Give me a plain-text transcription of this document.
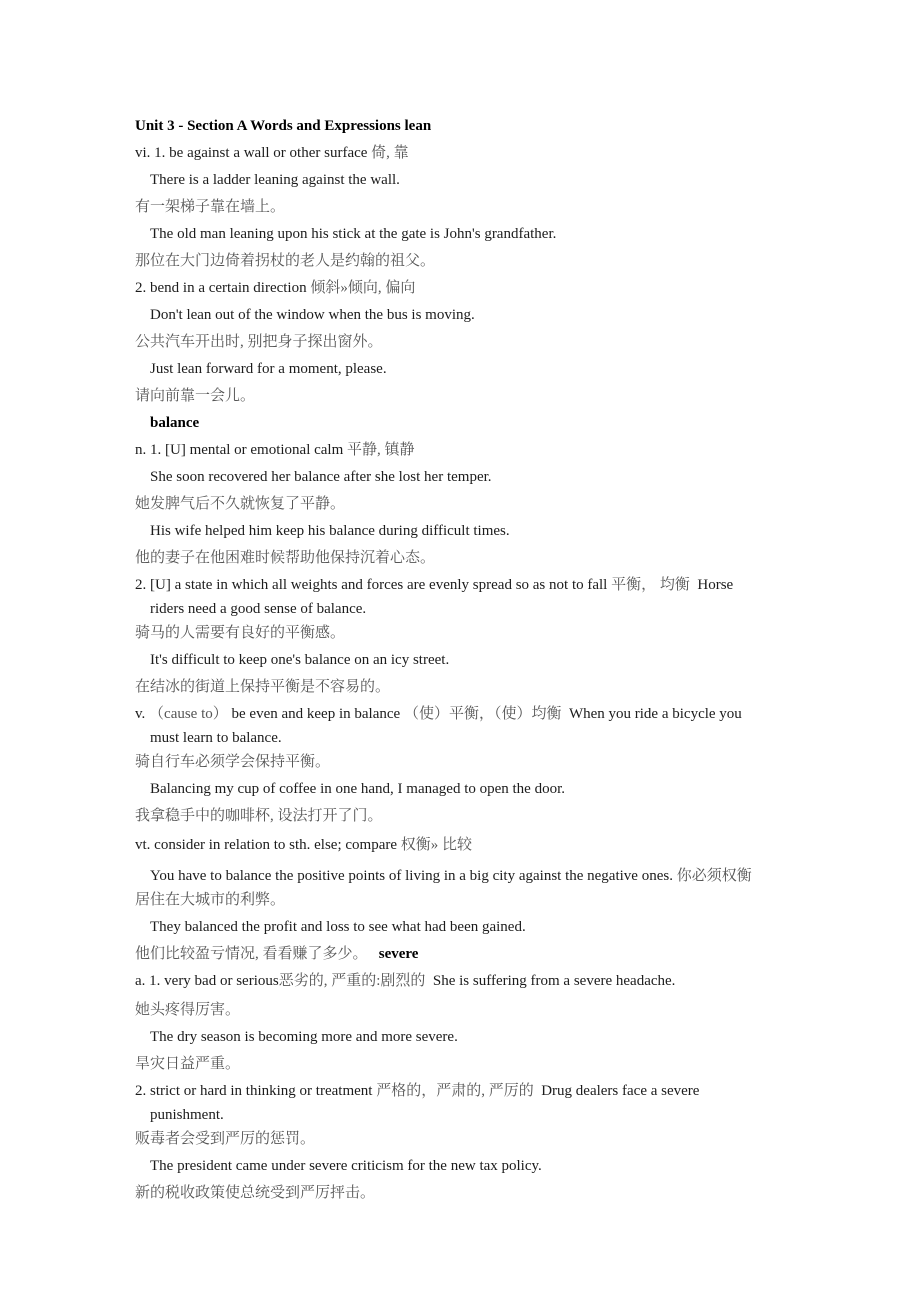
Unit 3 - Section A Words and Expressions lean
vi. 1. be against a wall or other surface 倚, 靠
There is a ladder leaning against the wall.
有一架梯子靠在墙上。
The old man leaning upon his stick at the gate is John's grandfather.
那位在大门边倚着拐杖的老人是约翰的祖父。
2. bend in a certain direction 倾斜»倾向, 偏向
Don't lean out of the window when the bus is moving.
公共汽车开出时, 别把身子探出窗外。
Just lean forward for a moment, please.
请向前靠一会儿。
balance
n. 1. [U] mental or emotional calm 平静, 镇静
She soon recovered her balance after she lost her temper.
她发脾气后不久就恢复了平静。
His wife helped him keep his balance during difficult times.
他的妻子在他困难时候帮助他保持沉着心态。
2. [U] a state in which all weights and forces are evenly spread so as not to fall 平衡， 均衡  Horse
riders need a good sense of balance.
骑马的人需要有良好的平衡感。
It's difficult to keep one's balance on an icy street.
在结冰的街道上保持平衡是不容易的。
v. （cause to） be even and keep in balance （使）平衡，（使）均衡  When you ride a bicycle you
must learn to balance.
骑自行车必须学会保持平衡。
Balancing my cup of coffee in one hand, I managed to open the door.
我拿稳手中的咖啡杯, 设法打开了门。
vt. consider in relation to sth. else; compare 权衡» 比较
You have to balance the positive points of living in a big city against the negative ones. 你必须权衡
居住在大城市的利弊。
They balanced the profit and loss to see what had been gained.
他们比较盈亏情况, 看看赚了多少。 severe
a. 1. very bad or serious恶劣的, 严重的:剧烈的  She is suffering from a severe headache.
她头疼得厉害。
The dry season is becoming more and more severe.
旱灾日益严重。
2. strict or hard in thinking or treatment 严格的，严肃的, 严厉的  Drug dealers face a severe
punishment.
贩毒者会受到严厉的惩罚。
The president came under severe criticism for the new tax policy.
新的税收政策使总统受到严厉抨击。
